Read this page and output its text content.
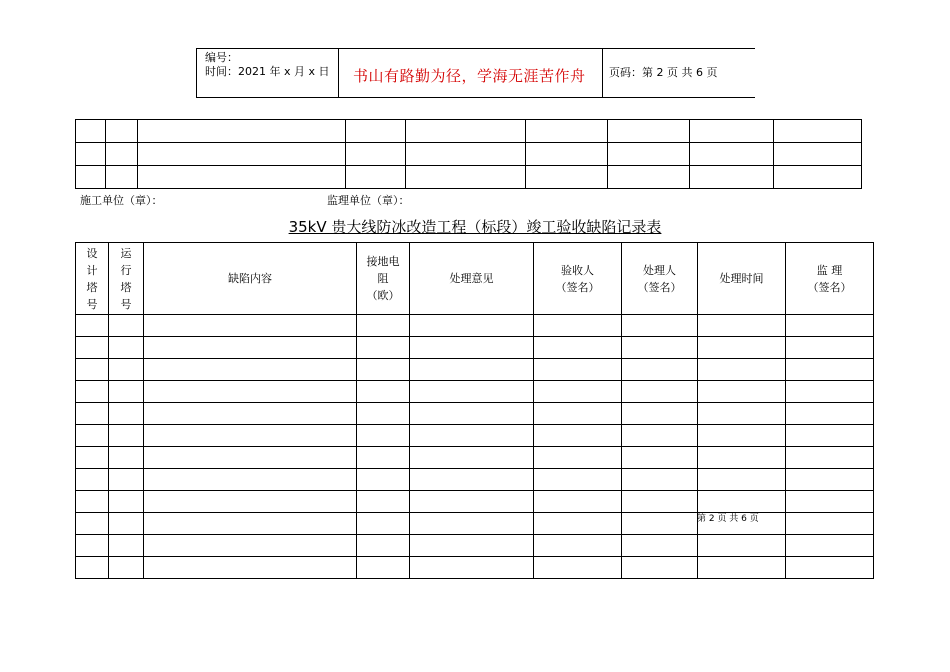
编号：
时间：2021 年 x 月 x 日 书山有路勤为径，学海无涯苦作舟 页码：第 2 页 共 6 页

施工单位（章）：	监理单位（章）：
35kV 贵大线防冰改造工程（标段）竣工验收缺陷记录表
设
计
塔
号	运
行
塔
号	缺陷内容	接地电
阻
（欧）	处理意见	验收人
（签名）	处理人
（签名）	处理时间	监 理
（签名）

第 2 页 共 6 页
